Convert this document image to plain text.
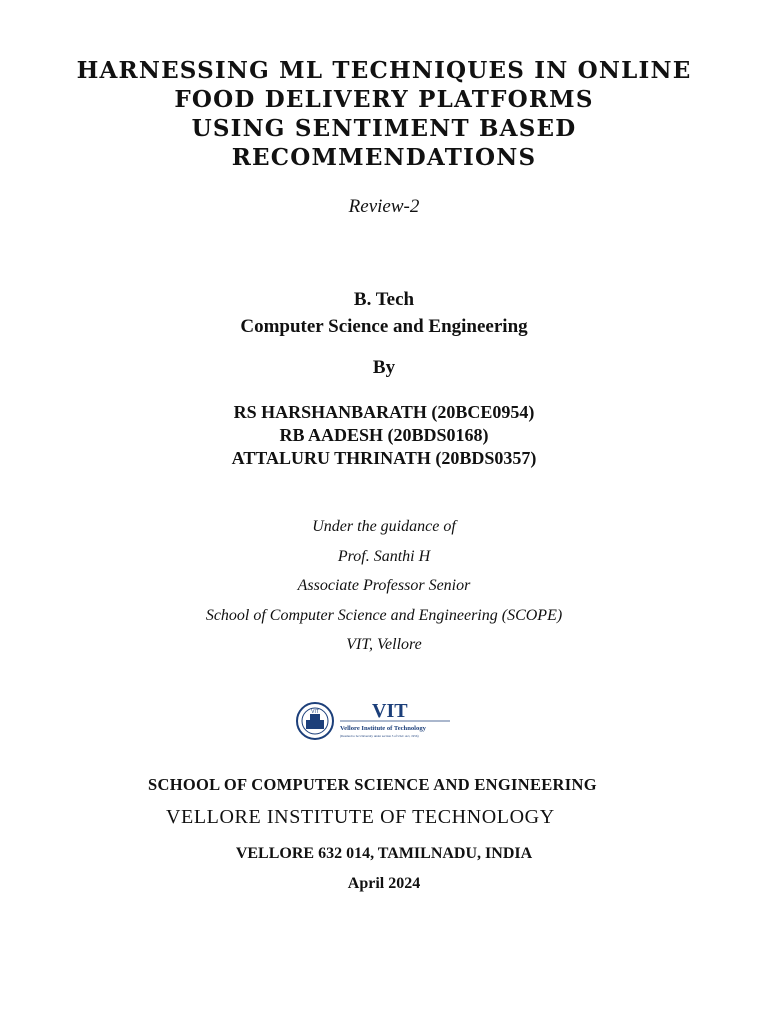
HARNESSING ML TECHNIQUES IN ONLINE
FOOD DELIVERY PLATFORMS
USING SENTIMENT BASED
RECOMMENDATIONS
Review-2
B. Tech
Computer Science and Engineering
By
RS HARSHANBARATH (20BCE0954)
RB AADESH (20BDS0168)
ATTALURU THRINATH (20BDS0357)
Under the guidance of
Prof. Santhi H
Associate Professor Senior
School of Computer Science and Engineering (SCOPE)
VIT, Vellore
VIT	VIT
Vellore Institute of Technology
(Deemed to be University under section 3 of UGC Act, 1956)
SCHOOL OF COMPUTER SCIENCE AND ENGINEERING
VELLORE INSTITUTE OF TECHNOLOGY
VELLORE 632 014, TAMILNADU, INDIA
April 2024
